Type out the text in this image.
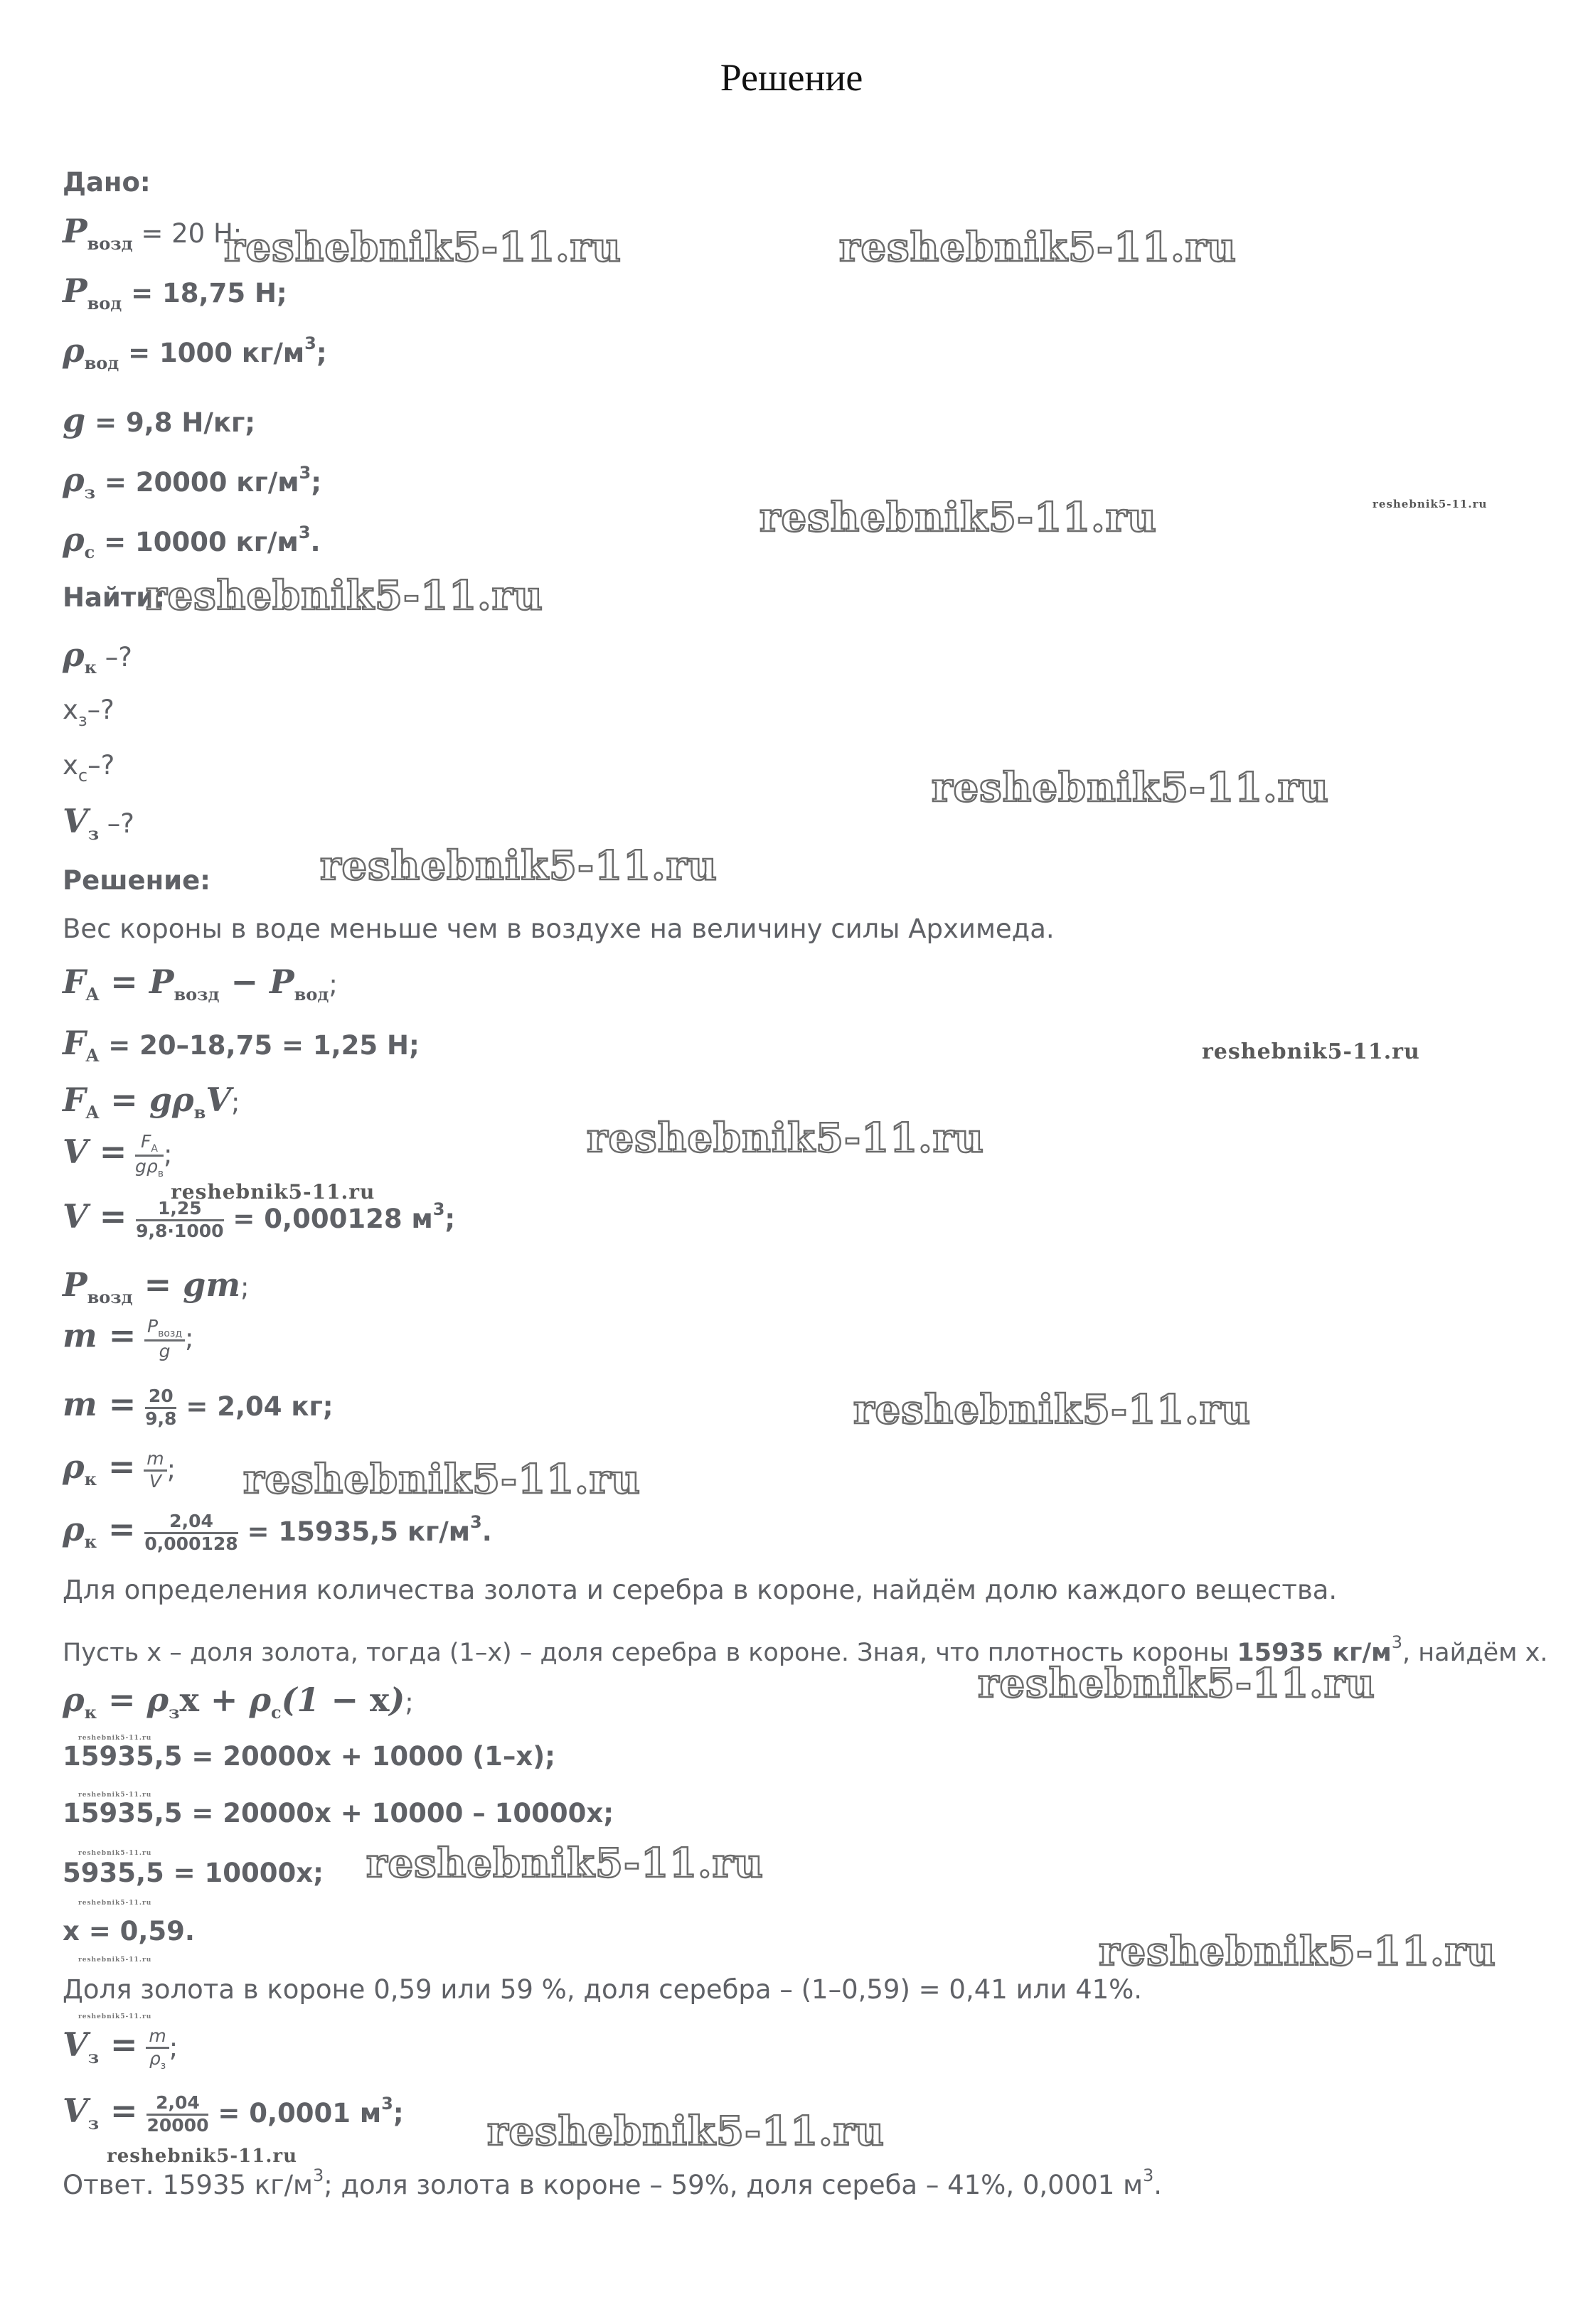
Решение
Дано:
$P_{возд} = 20$ Н;
$P_{вод} = 18,75$ Н;
$\rho_{вод} = 1000$ $кг/м^3$;
g = 9,8 Н/кг;
$\rho_з = 20000$ $кг/м^3$;
$\rho_с = 10000$ $кг/м^3$.
Найти:
$\rho_к$ –?
$x_з-$?
$x_с-$?
$V_з$ –?
Решение:
Вес короны в воде меньше чем в воздухе на величину силы Архимеда.
$F_A = P_{возд} - P_{вод}$;
$F_A = 20-18,75 = 1,25$ Н;
$F_A = g\rho_вV$;
$V = \frac{F_A}{g\rho_в}$ ;
$V = \frac{1,25}{9,8\cdot 1000} = 0,000128$ $м^3$;
$P_{возд}$ = gm;
$m = \frac{P_{возд}}{g}$ ;
$m = \frac{20}{9,8} = 2,04$ кг;
$\rho_к = \frac{m}{V}$ ;
$\rho_к = \frac{2,04}{0,000128} = 15935,5$ $кг/м^3$.
Для определения количества золота и серебра в короне, найдём долю каждого вещества.
Пусть x – доля золота, тогда (1–x) – доля серебра в короне. Зная, что плотность короны 15935 $кг/м^3$, найдём x.
$\rho_к = \rho_зx + \rho_с(1 - x)$;
15935,5 = 20000x + 10000 (1–x);
15935,5 = 20000x + 10000 – 10000x;
5935,5 = 10000x;
x = 0,59.
Доля золота в короне 0,59 или 59 %, доля серебра – (1–0,59) = 0,41 или 41%.
$V_з = \frac{m}{\rho_з}$ ;
$V_з = \frac{2,04}{20000} = 0,0001$ $м^3$;
Ответ. 15935 $кг/м^3$; доля золота в короне – 59%, доля сереба – 41%, 0,0001 $м^3$.
reshebnik5-11.ru	reshebnik5-11.ru
reshebnik5-11.ru	reshebnik5-11.ru
reshebnik5-11.ru
reshebnik5-11.ru
reshebnik5-11.ru
reshebnik5-11.ru
reshebnik5-11.ru
reshebnik5-11.ru
reshebnik5-11.ru
reshebnik5-11.ru
reshebnik5-11.ru
reshebnik5-11.ru
reshebnik5-11.ru
reshebnik5-11.ru
reshebnik5-11.ru
reshebnik5-11.ru
reshebnik5-11.ru
reshebnik5-11.ru
reshebnik5-11.ru
reshebnik5-11.ru
reshebnik5-11.ru
